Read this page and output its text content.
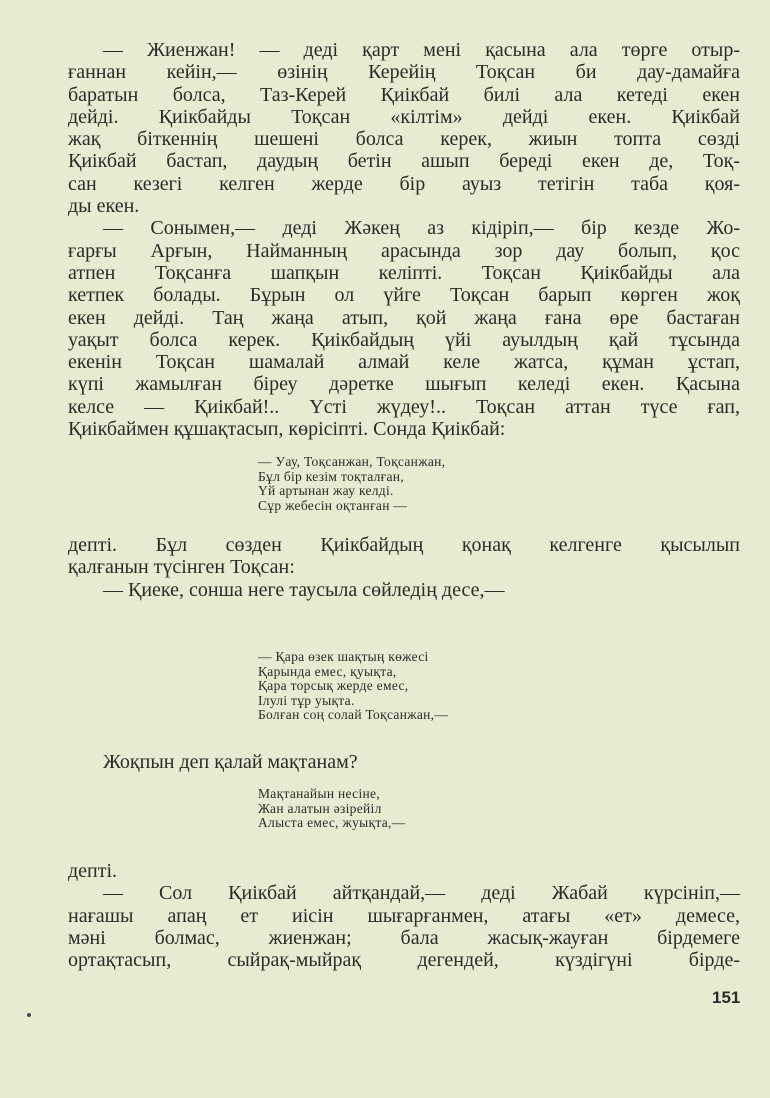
— Жиенжан! — деді қарт мені қасына ала төрге отыр-
ғаннан кейін,— өзінің Керейің Тоқсан би дау-дамайға
баратын болса, Таз-Керей Қиікбай билі ала кетеді екен
дейді. Қиікбайды Тоқсан «кілтім» дейді екен. Қиікбай
жақ біткеннің шешені болса керек, жиын топта сөзді
Қиікбай бастап, даудың бетін ашып береді екен де, Тоқ-
сан кезегі келген жерде бір ауыз тетігін таба қоя-
ды екен.
— Сонымен,— деді Жәкең аз кідіріп,— бір кезде Жо-
ғарғы Арғын, Найманның арасында зор дау болып, қос
атпен Тоқсанға шапқын келіпті. Тоқсан Қиікбайды ала
кетпек болады. Бұрын ол үйге Тоқсан барып көрген жоқ
екен дейді. Таң жаңа атып, қой жаңа ғана өре бастаған
уақыт болса керек. Қиікбайдың үйі ауылдың қай тұсында
екенін Тоқсан шамалай алмай келе жатса, құман ұстап,
күпі жамылған біреу дәретке шығып келеді екен. Қасына
келсе — Қиікбай!.. Үсті жүдеу!.. Тоқсан аттан түсе ғап,
Қиікбаймен құшақтасып, көрісіпті. Сонда Қиікбай:
— Уау, Тоқсанжан, Тоқсанжан,
Бұл бір кезім тоқталған,
Үй артынан жау келді.
Сұр жебесін оқтанған —
депті. Бұл сөзден Қиікбайдың қонақ келгенге қысылып
қалғанын түсінген Тоқсан:
— Қиеке, сонша неге таусыла сөйледің десе,—
— Қара өзек шақтың көжесі
Қарында емес, қуықта,
Қара торсық жерде емес,
Ілулі тұр уықта.
Болған соң солай Тоқсанжан,—
Жоқпын деп қалай мақтанам?
Мақтанайын несіне,
Жан алатын әзірейіл
Алыста емес, жуықта,—
депті.
— Сол Қиікбай айтқандай,— деді Жабай күрсініп,—
нағашы апаң ет иісін шығарғанмен, атағы «ет» демесе,
мәні болмас, жиенжан; бала жасық-жауған бірдемеге
ортақтасып, сыйрақ-мыйрақ дегендей, күздігүні бірде-
151
